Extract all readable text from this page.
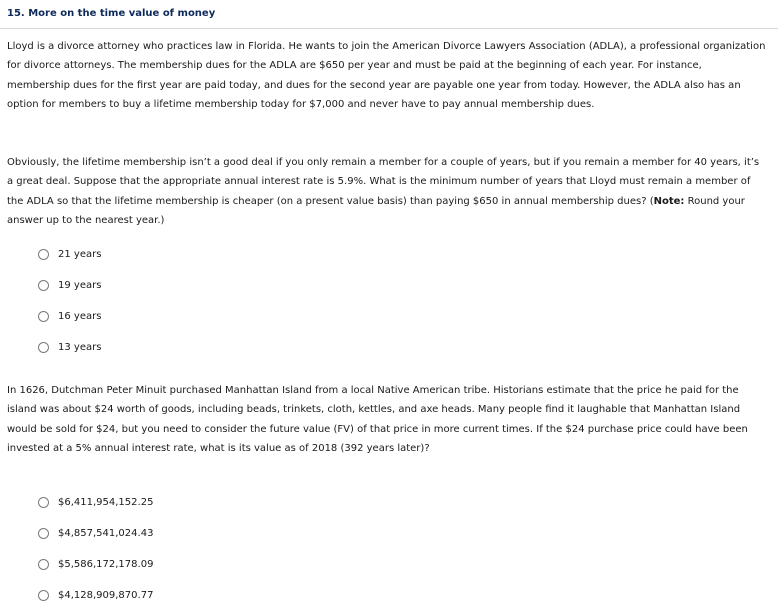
15. More on the time value of money

Lloyd is a divorce attorney who practices law in Florida. He wants to join the American Divorce Lawyers Association (ADLA), a professional organization for divorce attorneys. The membership dues for the ADLA are $650 per year and must be paid at the beginning of each year. For instance, membership dues for the first year are paid today, and dues for the second year are payable one year from today. However, the ADLA also has an option for members to buy a lifetime membership today for $7,000 and never have to pay annual membership dues.

Obviously, the lifetime membership isn’t a good deal if you only remain a member for a couple of years, but if you remain a member for 40 years, it’s a great deal. Suppose that the appropriate annual interest rate is 5.9%. What is the minimum number of years that Lloyd must remain a member of the ADLA so that the lifetime membership is cheaper (on a present value basis) than paying $650 in annual membership dues? (Note: Round your answer up to the nearest year.)

21 years
19 years
16 years
13 years

In 1626, Dutchman Peter Minuit purchased Manhattan Island from a local Native American tribe. Historians estimate that the price he paid for the island was about $24 worth of goods, including beads, trinkets, cloth, kettles, and axe heads. Many people find it laughable that Manhattan Island would be sold for $24, but you need to consider the future value (FV) of that price in more current times. If the $24 purchase price could have been invested at a 5% annual interest rate, what is its value as of 2018 (392 years later)?

$6,411,954,152.25
$4,857,541,024.43
$5,586,172,178.09
$4,128,909,870.77
